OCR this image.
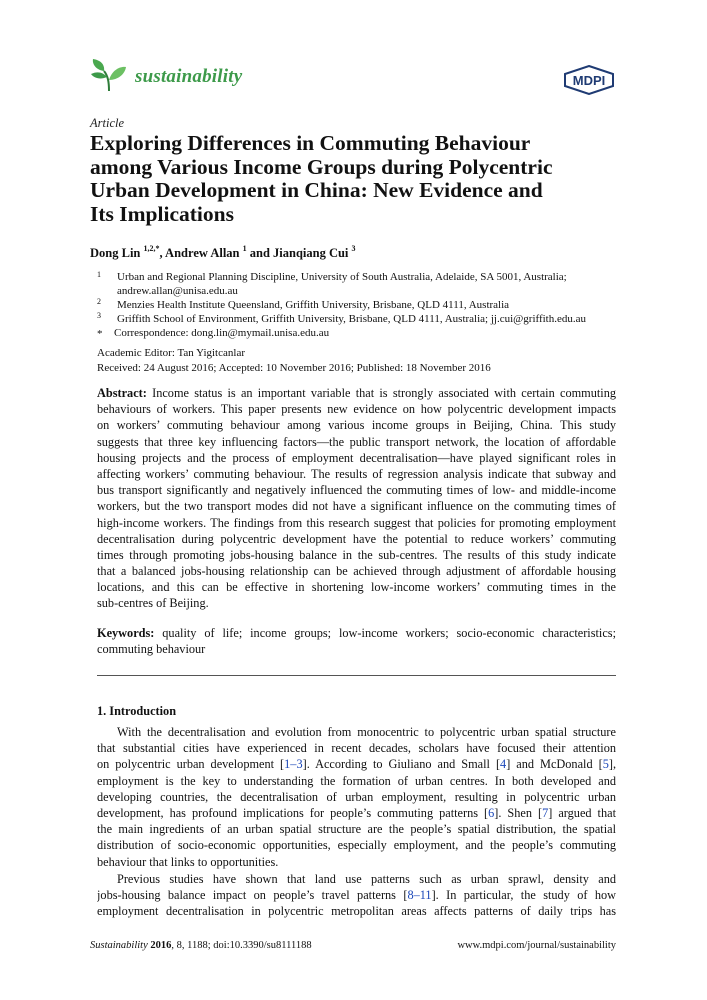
sustainability	MDPI
Article
Exploring Differences in Commuting Behaviour
among Various Income Groups during Polycentric
Urban Development in China: New Evidence and
Its Implications
Dong Lin $^{1,2,*}$, Andrew Allan $^1$ and Jianqiang Cui $^3$
1 Urban and Regional Planning Discipline, University of South Australia, Adelaide, SA 5001, Australia;
andrew.allan@unisa.edu.au
2 Menzies Health Institute Queensland, Griffith University, Brisbane, QLD 4111, Australia
3 Griffith School of Environment, Griffith University, Brisbane, QLD 4111, Australia; jj.cui@griffith.edu.au
* Correspondence: dong.lin@mymail.unisa.edu.au
Academic Editor: Tan Yigitcanlar
Received: 24 August 2016; Accepted: 10 November 2016; Published: 18 November 2016
Abstract: Income status is an important variable that is strongly associated with certain commuting
behaviours of workers. This paper presents new evidence on how polycentric development impacts
on workers’ commuting behaviour among various income groups in Beijing, China. This study
suggests that three key influencing factors—the public transport network, the location of affordable
housing projects and the process of employment decentralisation—have played significant roles in
affecting workers’ commuting behaviour. The results of regression analysis indicate that subway and
bus transport significantly and negatively influenced the commuting times of low- and middle-income
workers, but the two transport modes did not have a significant influence on the commuting times of
high-income workers. The findings from this research suggest that policies for promoting employment
decentralisation during polycentric development have the potential to reduce workers’ commuting
times through promoting jobs-housing balance in the sub-centres. The results of this study indicate
that a balanced jobs-housing relationship can be achieved through adjustment of affordable housing
locations, and this can be effective in shortening low-income workers’ commuting times in the
sub-centres of Beijing.
Keywords: quality of life; income groups; low-income workers; socio-economic characteristics;
commuting behaviour
1. Introduction
With the decentralisation and evolution from monocentric to polycentric urban spatial structure
that substantial cities have experienced in recent decades, scholars have focused their attention
on polycentric urban development [1–3]. According to Giuliano and Small [4] and McDonald [5],
employment is the key to understanding the formation of urban centres. In both developed and
developing countries, the decentralisation of urban employment, resulting in polycentric urban
development, has profound implications for people’s commuting patterns [6]. Shen [7] argued that
the main ingredients of an urban spatial structure are the people’s spatial distribution, the spatial
distribution of socio-economic opportunities, especially employment, and the people’s commuting
behaviour that links to opportunities.
Previous studies have shown that land use patterns such as urban sprawl, density and
jobs-housing balance impact on people’s travel patterns [8–11]. In particular, the study of how
employment decentralisation in polycentric metropolitan areas affects patterns of daily trips has
Sustainability 2016, 8, 1188; doi:10.3390/su8111188	www.mdpi.com/journal/sustainability
